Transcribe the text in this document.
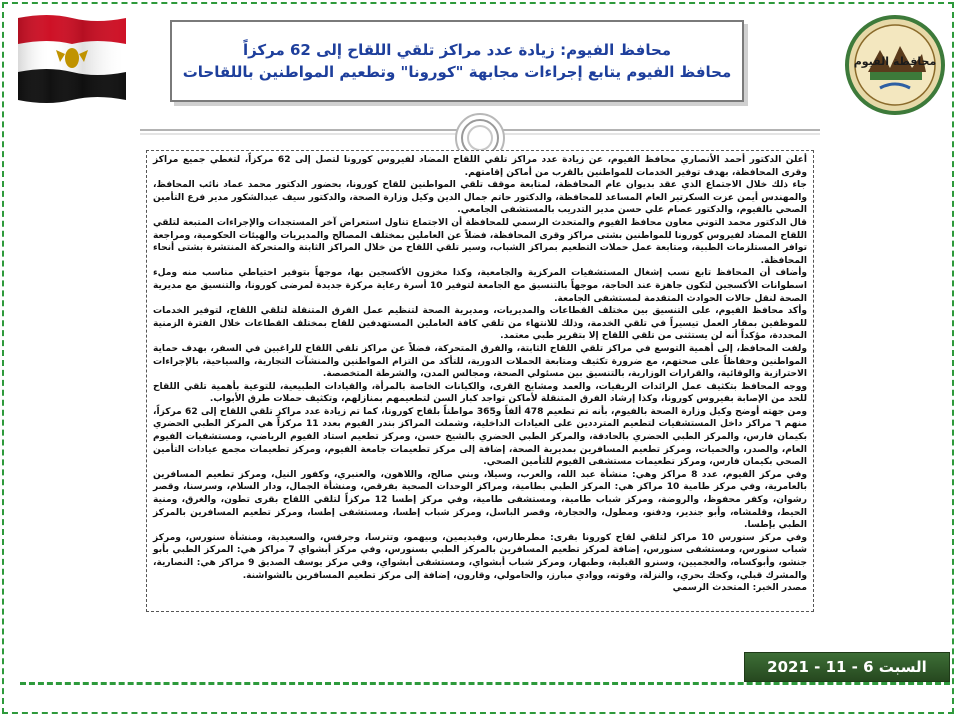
محافظة الفيوم
محافظ الفيوم: زيادة عدد مراكز تلقي اللقاح إلى 62 مركزاً
محافظ الفيوم يتابع إجراءات مجابهة "كورونا" وتطعيم المواطنين باللقاحات

أعلن الدكتور أحمد الأنصاري محافظ الفيوم، عن زيادة عدد مراكز تلقي اللقاح المضاد لفيروس كورونا لتصل إلى 62 مركزاً، لتغطي جميع مراكز وقرى المحافظة، بهدف توفير الخدمات للمواطنين بالقرب من أماكن إقامتهم.

جاء ذلك خلال الاجتماع الذي عقد بديوان عام المحافظة، لمتابعة موقف تلقي المواطنين للقاح كورونا، بحضور الدكتور محمد عماد نائب المحافظ، والمهندس أيمن عزت السكرتير العام المساعد للمحافظة، والدكتور حاتم جمال الدين وكيل وزارة الصحة، والدكتور سيف عبدالشكور مدير فرع التأمين الصحي بالفيوم، والدكتور عصام علي حسن مدير التدريب بالمستشفى الجامعي.

قال الدكتور محمد التوني معاون محافظ الفيوم والمتحدث الرسمي للمحافظة أن الاجتماع تناول استعراض آخر المستجدات والإجراءات المتبعة لتلقي اللقاح المضاد لفيروس كورونا للمواطنين بشتى مراكز وقرى المحافظة، فضلاً عن العاملين بمختلف المصالح والمديريات والهيئات الحكومية، ومراجعة توافر المستلزمات الطبية، ومتابعة عمل حملات التطعيم بمراكز الشباب، وسير تلقي اللقاح من خلال المراكز الثابتة والمتحركة المنتشرة بشتى أنحاء المحافظة.

وأضاف أن المحافظ تابع نسب إشغال المستشفيات المركزية والجامعية، وكذا مخزون الأكسجين بها، موجهاً بتوفير احتياطي مناسب منه وملء اسطوانات الأكسجين لتكون جاهزة عند الحاجة، موجهاً بالتنسيق مع الجامعة لتوفير 10 أسرة رعاية مركزة جديدة لمرضى كورونا، والتنسيق مع مديرية الصحة لنقل حالات الحوادث المتقدمة لمستشفى الجامعة.

وأكد محافظ الفيوم، على التنسيق بين مختلف القطاعات والمديريات، ومديرية الصحة لتنظيم عمل الفرق المتنقلة لتلقي اللقاح، لتوفير الخدمات للموظفين بمقار العمل تيسيراً في تلقي الخدمة، وذلك للانتهاء من تلقي كافة العاملين المستهدفين للقاح بمختلف القطاعات خلال الفترة الزمنية المحددة، مؤكداً أنه لن يستثنى من تلقي اللقاح إلا بتقرير طبي معتمد.

ولفت المحافظ، إلى أهمية التوسع في مراكز تلقي اللقاح الثابتة، والفرق المتحركة، فضلاً عن مراكز تلقي اللقاح للراغبين في السفر، بهدف حماية المواطنين وحفاظاً على صحتهم، مع ضرورة تكثيف ومتابعة الحملات الدورية، للتأكد من التزام المواطنين والمنشآت التجارية، والسياحية، بالإجراءات الاحترازية والوقائية، والقرارات الوزارية، بالتنسيق بين مسئولي الصحة، ومجالس المدن، والشرطة المتخصصة.

ووجه المحافظ بتكثيف عمل الرائدات الريفيات، والعمد ومشايخ القرى، والكيانات الخاصة بالمرأة، والقيادات الطبيعية، للتوعية بأهمية تلقي اللقاح للحد من الإصابة بفيروس كورونا، وكذا إرشاد الفرق المتنقلة لأماكن تواجد كبار السن لتطعيمهم بمنازلهم، وتكثيف حملات طرق الأبواب.

ومن جهته أوضح وكيل وزارة الصحة بالفيوم، بأنه تم تطعيم 478 ألفاً و365 مواطناً بلقاح كورونا، كما تم زيادة عدد مراكز تلقي اللقاح إلى 62 مركزاً، منهم ٦ مراكز داخل المستشفيات لتطعيم المترددين على العيادات الداخلية، وشملت المراكز بندر الفيوم بعدد 11 مركزاً هي المركز الطبي الحضري بكيمان فارس، والمركز الطبي الحضري بالحادقة، والمركز الطبي الحضري بالشيخ حسن، ومركز تطعيم استاد الفيوم الرياضي، ومستشفيات الفيوم العام، والصدر، والحميات، ومركز تطعيم المسافرين بمديرية الصحة، إضافة إلى مركز تطعيمات جامعة الفيوم، ومركز تطعيمات مجمع عيادات التأمين الصحي بكيمان فارس، ومركز تطعيمات مستشفى الفيوم للتأمين الصحي.

وفي مركز الفيوم، عدد 8 مراكز وهي: منشأة عبد الله، والعرب، وسيلا، وبني صالح، واللاهون، والعنبري، وكفور النيل، ومركز تطعيم المسافرين بالعامرية، وفي مركز طامية 10 مراكز هي: المركز الطبي بطامية، ومراكز الوحدات الصحية بفرقص، ومنشأة الجمال، ودار السلام، وسرسنا، وقصر رشوان، وكفر محفوظ، والروضة، ومركز شباب طامية، ومستشفى طامية، وفي مركز إطسا 12 مركزاً لتلقي اللقاح بقرى تطون، والغرق، ومنية الحيط، وقلمشاه، وأبو جندير، ودفنو، ومطول، والحجارة، وقصر الباسل، ومركز شباب إطسا، ومستشفى إطسا، ومركز تطعيم المسافرين بالمركز الطبي بإطسا.

وفي مركز سنورس 10 مراكز لتلقي لقاح كورونا بقرى: مطرطارس، وفيديمين، وبيهمو، وتترسا، وجرفس، والسعيدية، ومنشأة سنورس، ومركز شباب سنورس، ومستشفى سنورس، إضافة لمركز تطعيم المسافرين بالمركز الطبي بسنورس، وفي مركز أبشواي 7 مراكز هي: المركز الطبي بأبو جنشو، وأبوكساه، والعجميين، وسنرو القبلية، وطبهار، ومركز شباب أبشواي، ومستشفى أبشواي، وفي مركز يوسف الصديق 9 مراكز هي: النصارية، والمشرك قبلي، وكحك بحري، والنزلة، وقوته، ووادي مبارز، والحامولي، وقارون، إضافة إلى مركز تطعيم المسافرين بالشواشنة.

مصدر الخبر: المتحدث الرسمي
السبت 6 - 11 - 2021
